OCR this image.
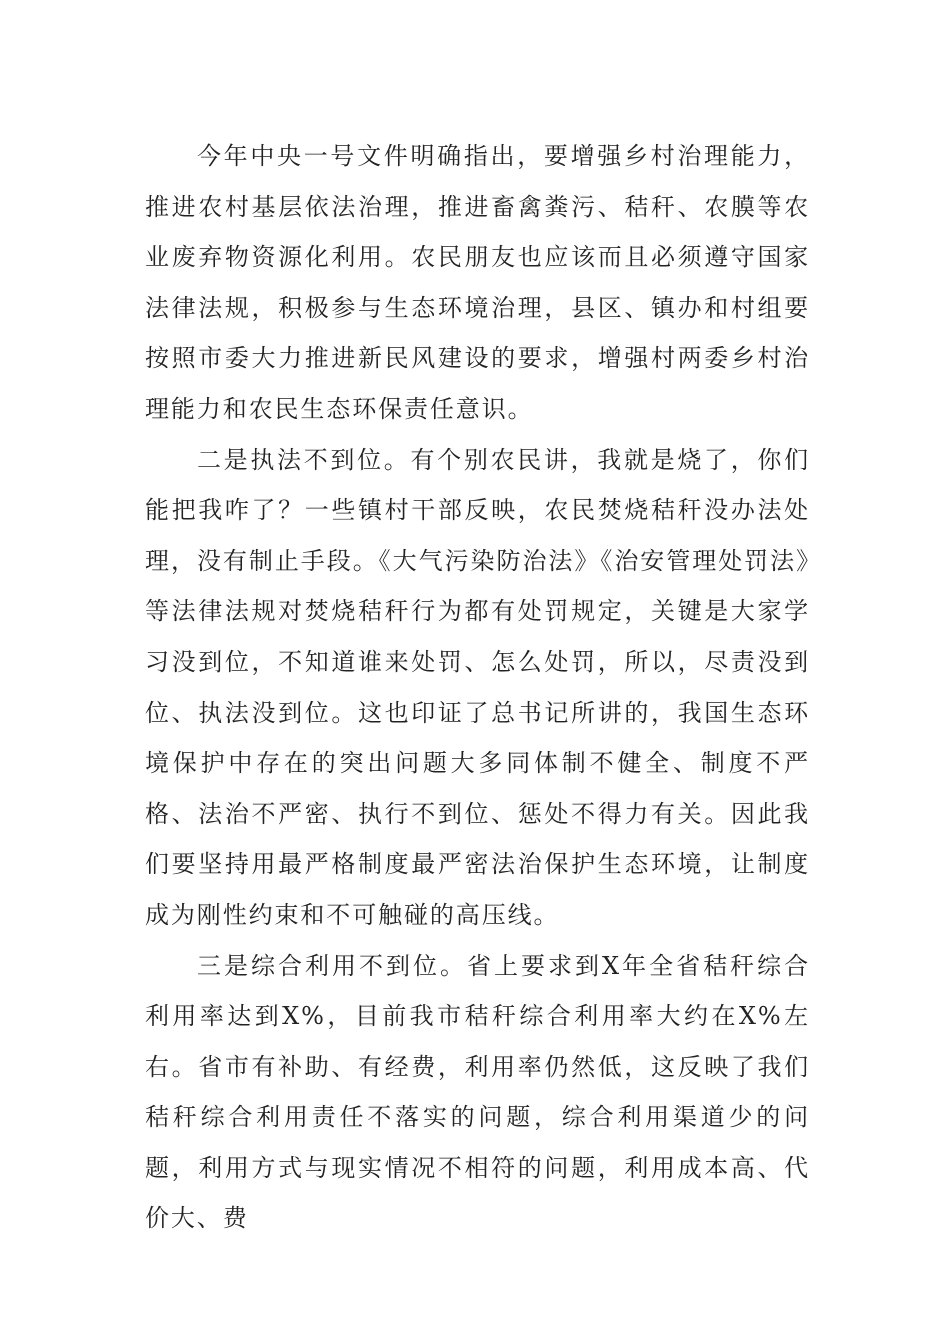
今年中央一号文件明确指出，要增强乡村治理能力，推进农村基层依法治理，推进畜禽粪污、秸秆、农膜等农业废弃物资源化利用。农民朋友也应该而且必须遵守国家法律法规，积极参与生态环境治理，县区、镇办和村组要按照市委大力推进新民风建设的要求，增强村两委乡村治理能力和农民生态环保责任意识。

二是执法不到位。有个别农民讲，我就是烧了，你们能把我咋了？一些镇村干部反映，农民焚烧秸秆没办法处理，没有制止手段。《大气污染防治法》《治安管理处罚法》等法律法规对焚烧秸秆行为都有处罚规定，关键是大家学习没到位，不知道谁来处罚、怎么处罚，所以，尽责没到位、执法没到位。这也印证了总书记所讲的，我国生态环境保护中存在的突出问题大多同体制不健全、制度不严格、法治不严密、执行不到位、惩处不得力有关。因此我们要坚持用最严格制度最严密法治保护生态环境，让制度成为刚性约束和不可触碰的高压线。

三是综合利用不到位。省上要求到X年全省秸秆综合利用率达到X%，目前我市秸秆综合利用率大约在X%左右。省市有补助、有经费，利用率仍然低，这反映了我们秸秆综合利用责任不落实的问题，综合利用渠道少的问题，利用方式与现实情况不相符的问题，利用成本高、代价大、费
